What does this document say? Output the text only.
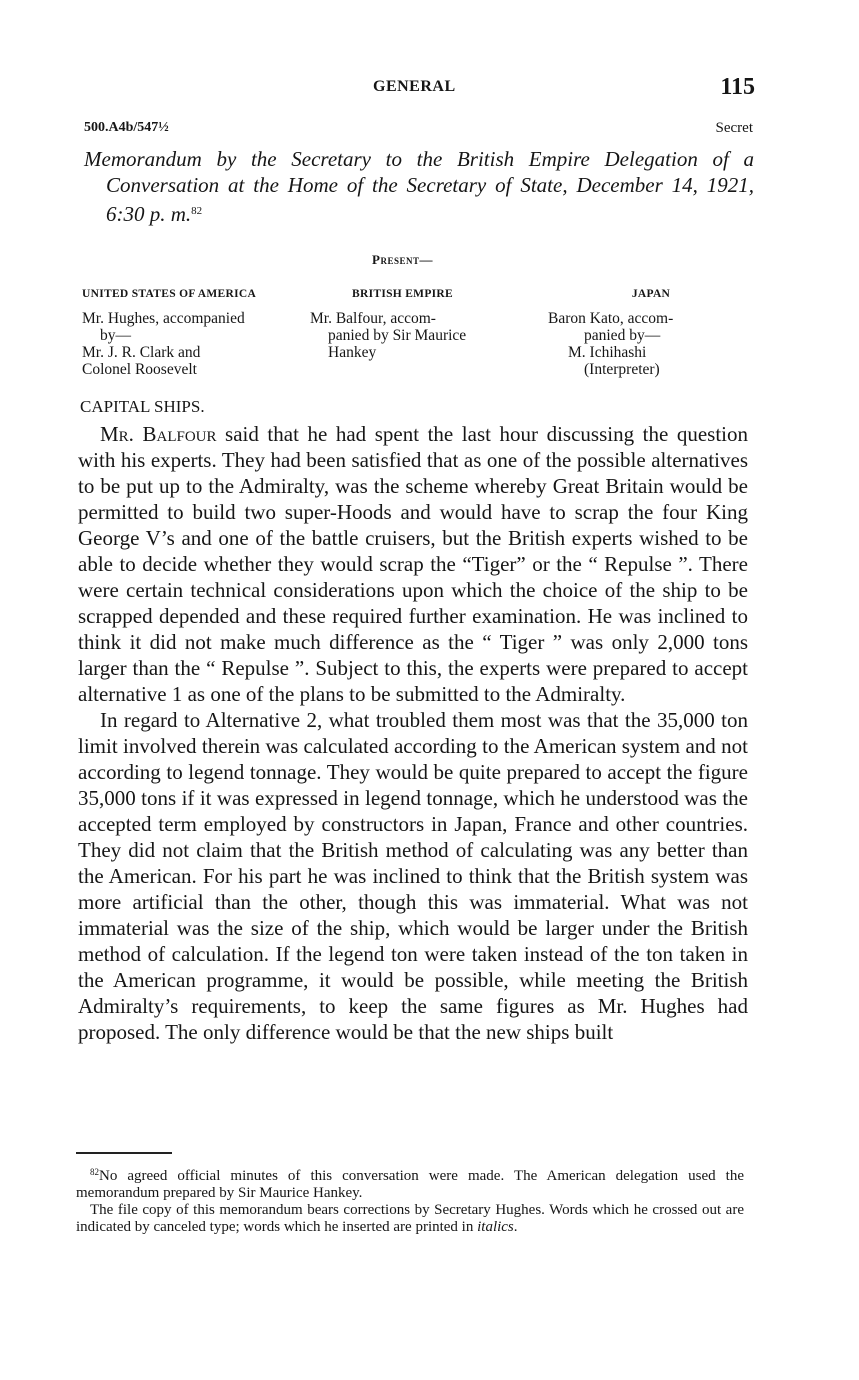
GENERAL	115
500.A4b/547½	Secret
Memorandum by the Secretary to the British Empire Delegation of a Conversation at the Home of the Secretary of State, December 14, 1921, 6:30 p. m.$^{82}$
Present—
UNITED STATES OF AMERICA
Mr. Hughes, accompanied
by—
Mr. J. R. Clark and
Colonel Roosevelt
BRITISH EMPIRE
Mr. Balfour, accom-
panied by Sir Maurice
Hankey
JAPAN
Baron Kato, accom-
panied by—
M. Ichihashi
(Interpreter)
CAPITAL SHIPS.

Mr. Balfour said that he had spent the last hour discussing the question with his experts. They had been satisfied that as one of the possible alternatives to be put up to the Admiralty, was the scheme whereby Great Britain would be permitted to build two super-Hoods and would have to scrap the four King George V’s and one of the battle cruisers, but the British experts wished to be able to decide whether they would scrap the “Tiger” or the “ Repulse ”. There were certain technical considerations upon which the choice of the ship to be scrapped depended and these required further examination. He was inclined to think it did not make much difference as the “ Tiger ” was only 2,000 tons larger than the “ Repulse ”. Subject to this, the experts were prepared to accept alternative 1 as one of the plans to be submitted to the Admiralty.

In regard to Alternative 2, what troubled them most was that the 35,000 ton limit involved therein was calculated according to the American system and not according to legend tonnage. They would be quite prepared to accept the figure 35,000 tons if it was expressed in legend tonnage, which he understood was the accepted term employed by constructors in Japan, France and other countries. They did not claim that the British method of calculating was any better than the American. For his part he was inclined to think that the British system was more artificial than the other, though this was immaterial. What was not immaterial was the size of the ship, which would be larger under the British method of calculation. If the legend ton were taken instead of the ton taken in the American programme, it would be possible, while meeting the British Admiralty’s requirements, to keep the same figures as Mr. Hughes had proposed. The only difference would be that the new ships built

$^{82}$No agreed official minutes of this conversation were made. The American delegation used the memorandum prepared by Sir Maurice Hankey.

The file copy of this memorandum bears corrections by Secretary Hughes. Words which he crossed out are indicated by canceled type; words which he inserted are printed in italics.
